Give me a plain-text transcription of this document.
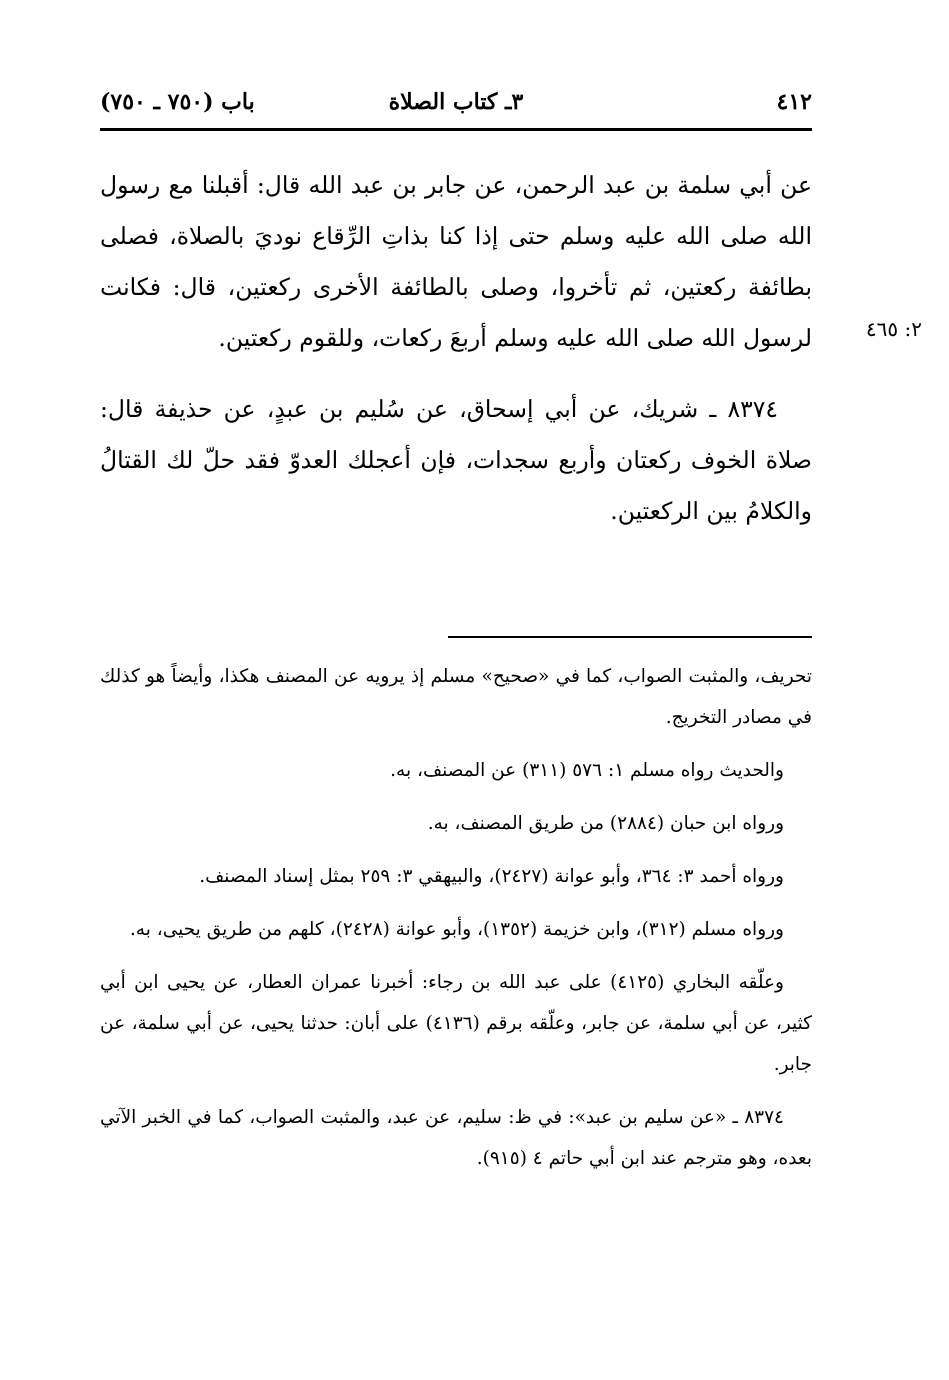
باب (٧٥٠ ـ ٧٥٠)	٣ـ كتاب الصلاة	٤١٢

عن أبي سلمة بن عبد الرحمن، عن جابر بن عبد الله قال: أقبلنا مع رسول الله صلى الله عليه وسلم حتى إذا كنا بذاتِ الرِّقاع نوديَ بالصلاة، فصلى بطائفة ركعتين، ثم تأخروا، وصلى بالطائفة الأخرى ركعتين، قال: فكانت لرسول الله صلى الله عليه وسلم أربعَ ركعات، وللقوم ركعتين.

٨٣٧٤ ـ شريك، عن أبي إسحاق، عن سُليم بن عبدٍ، عن حذيفة قال: صلاة الخوف ركعتان وأربع سجدات، فإن أعجلك العدوّ فقد حلّ لك القتالُ والكلامُ بين الركعتين.

٢: ٤٦٥

تحريف، والمثبت الصواب، كما في «صحيح» مسلم إذ يرويه عن المصنف هكذا، وأيضاً هو كذلك في مصادر التخريج.

والحديث رواه مسلم ١: ٥٧٦ (٣١١) عن المصنف، به.

ورواه ابن حبان (٢٨٨٤) من طريق المصنف، به.

ورواه أحمد ٣: ٣٦٤، وأبو عوانة (٢٤٢٧)، والبيهقي ٣: ٢٥٩ بمثل إسناد المصنف.

ورواه مسلم (٣١٢)، وابن خزيمة (١٣٥٢)، وأبو عوانة (٢٤٢٨)، كلهم من طريق يحيى، به.

وعلّقه البخاري (٤١٢٥) على عبد الله بن رجاء: أخبرنا عمران العطار، عن يحيى ابن أبي كثير، عن أبي سلمة، عن جابر، وعلّقه برقم (٤١٣٦) على أبان: حدثنا يحيى، عن أبي سلمة، عن جابر.

٨٣٧٤ ـ «عن سليم بن عبد»: في ظ: سليم، عن عبد، والمثبت الصواب، كما في الخبر الآتي بعده، وهو مترجم عند ابن أبي حاتم ٤ (٩١٥).
